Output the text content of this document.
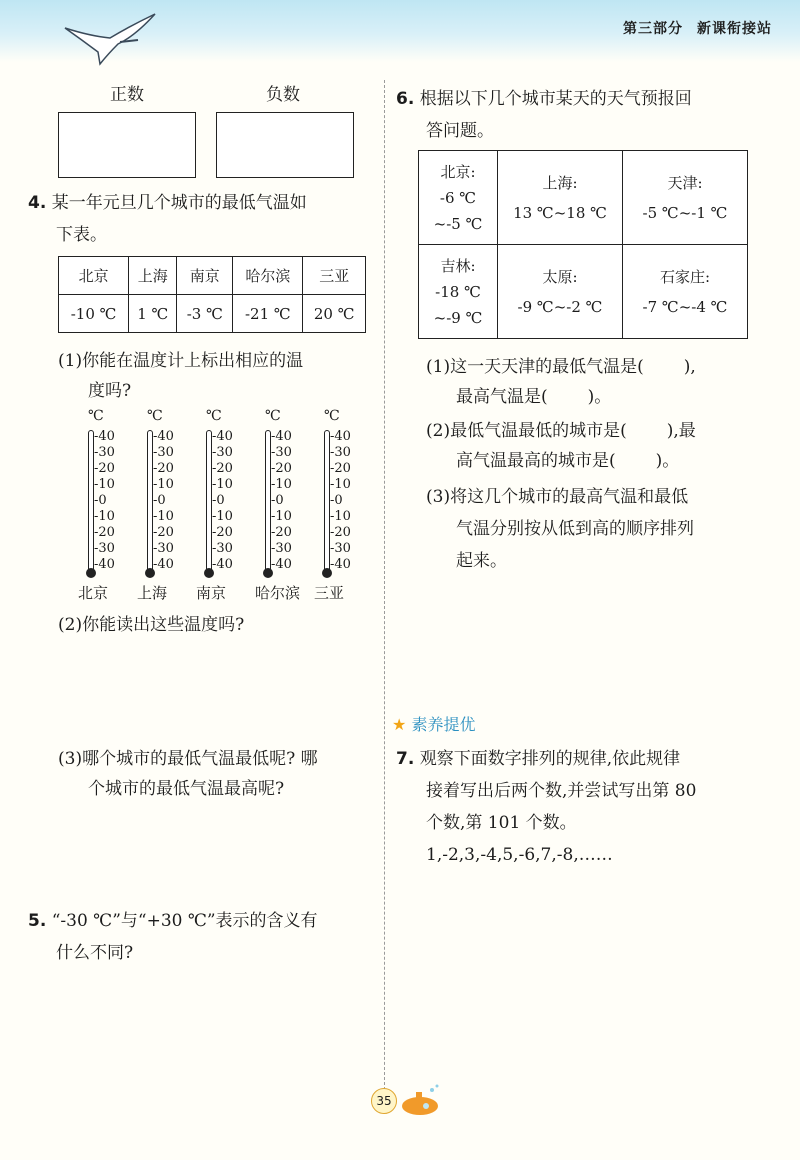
第三部分 新课衔接站
正数	负数
4. 某一年元旦几个城市的最低气温如
下表。
北京	上海	南京	哈尔滨	三亚
-10 ℃	1 ℃	-3 ℃	-21 ℃	20 ℃
(1)你能在温度计上标出相应的温
度吗?
℃
-40
-30
-20
-10
-0
-10
-20
-30
-40
北京
℃
-40
-30
-20
-10
-0
-10
-20
-30
-40
上海
℃
-40
-30
-20
-10
-0
-10
-20
-30
-40
南京
℃
-40
-30
-20
-10
-0
-10
-20
-30
-40
哈尔滨
℃
-40
-30
-20
-10
-0
-10
-20
-30
-40
三亚
(2)你能读出这些温度吗?
(3)哪个城市的最低气温最低呢? 哪
个城市的最低气温最高呢?
5. “-30 ℃”与“+30 ℃”表示的含义有
什么不同?
6. 根据以下几个城市某天的天气预报回
答问题。
北京:
-6 ℃
~-5 ℃	上海:
13 ℃~18 ℃	天津:
-5 ℃~-1 ℃
吉林:
-18 ℃
~-9 ℃	太原:
-9 ℃~-2 ℃	石家庄:
-7 ℃~-4 ℃
(1)这一天天津的最低气温是( ),
最高气温是( )。
(2)最低气温最低的城市是( ),最
高气温最高的城市是( )。
(3)将这几个城市的最高气温和最低
气温分别按从低到高的顺序排列
起来。
★ 素养提优
7. 观察下面数字排列的规律,依此规律
接着写出后两个数,并尝试写出第 80
个数,第 101 个数。
1,-2,3,-4,5,-6,7,-8,……
35
